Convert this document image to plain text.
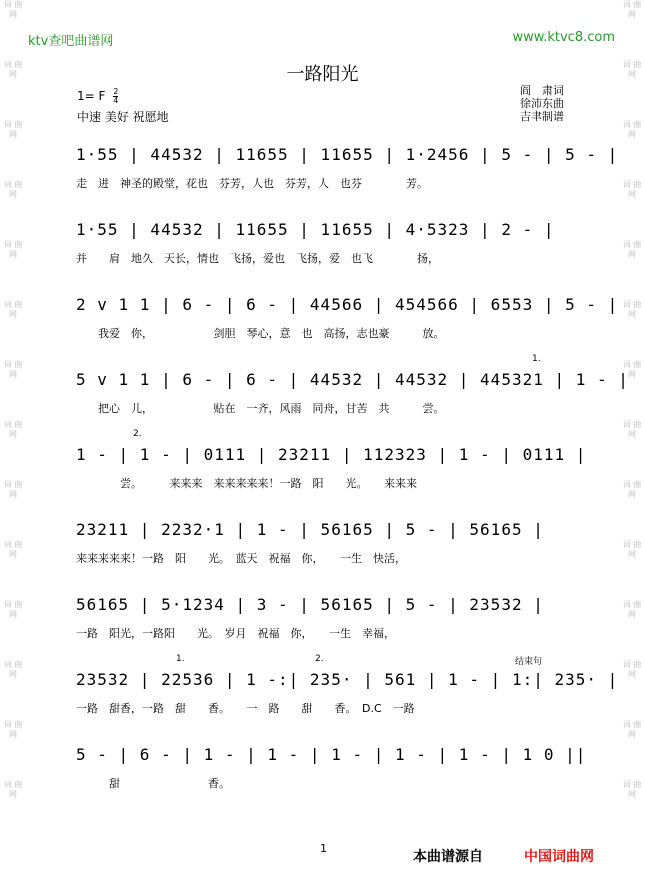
词 曲 网
词 曲 网
词 曲 网
词 曲 网
词 曲 网
词 曲 网
词 曲 网
词 曲 网
词 曲 网
词 曲 网
词 曲 网
词 曲 网
词 曲 网
词 曲 网
词 曲 网
词 曲 网
词 曲 网
词 曲 网
词 曲 网
词 曲 网
词 曲 网
词 曲 网
词 曲 网
词 曲 网
词 曲 网
词 曲 网
词 曲 网
词 曲 网
ktv查吧曲谱网	www.ktvc8.com
一路阳光
1= F $\frac{2}{4}$
中速 美好 祝愿地
阎　肃词
徐沛东曲
吉聿制谱
1·55 | 44532 | 11655 | 11655 | 1·2456 | 5 - | 5 - |
走　进　神圣的殿堂，花也　芬芳，人也　芬芳，人　也芬　　　　芳。
1·55 | 44532 | 11655 | 11655 | 4·5323 | 2 - |
并　　肩　地久　天长，情也　飞扬，爱也　飞扬，爱　也飞　　　　扬，
2 v 1 1 | 6 - | 6 - | 44566 | 454566 | 6553 | 5 - |
　　我爱　你，　　　　　　剑胆　琴心，意　也　高扬，志也豪　　　放。
5 v 1 1 | 6 - | 6 - | 44532 | 44532 | 445321 | 1 - |
　　把心　儿，　　　　　　贴在　一齐，风雨　同舟，甘苦　共　　　尝。
1.
1 - | 1 - | 0111 | 23211 | 112323 | 1 - | 0111 |
　　　　尝。　　　来来来　来来来来来！一路　阳　　光。　　来来来
2.
23211 | 2232·1 | 1 - | 56165 | 5 - | 56165 |
来来来来来！一路　阳　　光。　蓝天　祝福　你，　　一生　快活，
56165 | 5·1234 | 3 - | 56165 | 5 - | 23532 |
一路　阳光，一路阳　　光。　岁月　祝福　你，　　一生　幸福，
23532 | 22536 | 1 -:| 235· | 561 | 1 - | 1:| 235· |
一路　甜香，一路　甜　　香。　　一　路　　甜　　香。　D.C　一路
1.	2.	结束句
5 - | 6 - | 1 - | 1 - | 1 - | 1 - | 1 - | 1 0 ||
　　　甜　　　　　　　　香。
1
本曲谱源自	中国词曲网
